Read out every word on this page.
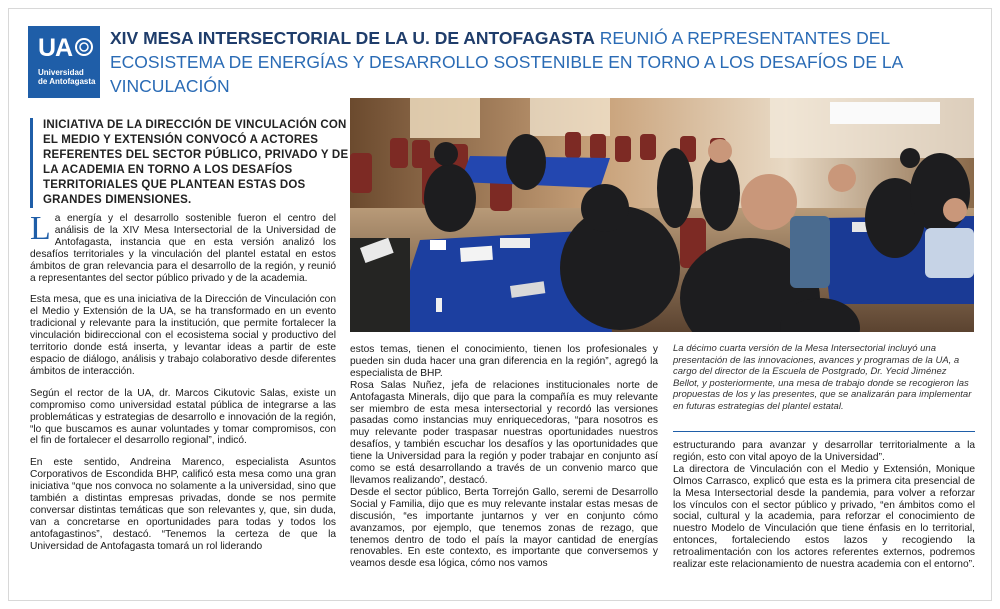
UA
Universidad
de Antofagasta
XIV MESA INTERSECTORIAL DE LA U. DE ANTOFAGASTA REUNIÓ A REPRESENTANTES DEL ECOSISTEMA DE ENERGÍAS Y DESARROLLO SOSTENIBLE EN TORNO A LOS DESAFÍOS DE LA VINCULACIÓN
INICIATIVA DE LA DIRECCIÓN DE VINCULACIÓN CON EL MEDIO Y EXTENSIÓN CONVOCÓ A ACTORES REFERENTES DEL SECTOR PÚBLICO, PRIVADO Y DE LA ACADEMIA EN TORNO A LOS DESAFÍOS TERRITORIALES QUE PLANTEAN ESTAS DOS GRANDES DIMENSIONES.
La décimo cuarta versión de la Mesa Intersectorial incluyó una presentación de las innovaciones, avances y programas de la UA, a cargo del director de la Escuela de Postgrado, Dr. Yecid Jiménez Bellot, y posteriormente, una mesa de trabajo donde se recogieron las propuestas de los y las presentes, que se analizarán para implementar en futuras estrategias del plantel estatal.

La energía y el desarrollo sostenible fueron el centro del análisis de la XIV Mesa Intersectorial de la Universidad de Antofagasta, instancia que en esta versión analizó los desafíos territoriales y la vinculación del plantel estatal en estos ámbitos de gran relevancia para el desarrollo de la región, y reunió a representantes del sector público privado y de la academia.

Esta mesa, que es una iniciativa de la Dirección de Vinculación con el Medio y Extensión de la UA, se ha transformado en un evento tradicional y relevante para la institución, que permite fortalecer la vinculación bidireccional con el ecosistema social y productivo del territorio donde está inserta, y levantar ideas a partir de este espacio de diálogo, análisis y trabajo colaborativo desde diferentes ámbitos de interacción.

Según el rector de la UA, dr. Marcos Cikutovic Salas, existe un compromiso como universidad estatal pública de integrarse a las problemáticas y estrategias de desarrollo e innovación de la región, “lo que buscamos es aunar voluntades y tomar compromisos, con el fin de fortalecer el desarrollo regional”, indicó.

En este sentido, Andreina Marenco, especialista Asuntos Corporativos de Escondida BHP, calificó esta mesa como una gran iniciativa “que nos convoca no solamente a la universidad, sino que también a distintas empresas privadas, donde se nos permite conversar distintas temáticas que son relevantes y, que, sin duda, van a concretarse en oportunidades para todas y todos los antofagastinos”, destacó. “Tenemos la certeza de que la Universidad de Antofagasta tomará un rol liderando

estos temas, tienen el conocimiento, tienen los profesionales y pueden sin duda hacer una gran diferencia en la región”, agregó la especialista de BHP.

Rosa Salas Nuñez, jefa de relaciones institucionales norte de Antofagasta Minerals, dijo que para la compañía es muy relevante ser miembro de esta mesa intersectorial y recordó las versiones pasadas como instancias muy enriquecedoras, “para nosotros es muy relevante poder traspasar nuestras oportunidades nuestros desafíos, y también escuchar los desafíos y las oportunidades que tiene la Universidad para la región y poder trabajar en conjunto así como se está desarrollando a través de un convenio marco que llevamos realizando”, destacó.

Desde el sector público, Berta Torrejón Gallo, seremi de Desarrollo Social y Familia, dijo que es muy relevante instalar estas mesas de discusión, “es importante juntarnos y ver en conjunto cómo avanzamos, por ejemplo, que tenemos zonas de rezago, que tenemos dentro de todo el país la mayor cantidad de energías renovables. En este contexto, es importante que conversemos y veamos desde esa lógica, cómo nos vamos

estructurando para avanzar y desarrollar territorialmente a la región, esto con vital apoyo de la Universidad”.

La directora de Vinculación con el Medio y Extensión, Monique Olmos Carrasco, explicó que esta es la primera cita presencial de la Mesa Intersectorial desde la pandemia, para volver a reforzar los vínculos con el sector público y privado, “en ámbitos como el social, cultural y la academia, para reforzar el conocimiento de nuestro Modelo de Vinculación que tiene énfasis en lo territorial, entonces, fortaleciendo estos lazos y recogiendo la retroalimentación con los actores referentes externos, podremos realizar este relacionamiento de nuestra academia con el entorno”.
